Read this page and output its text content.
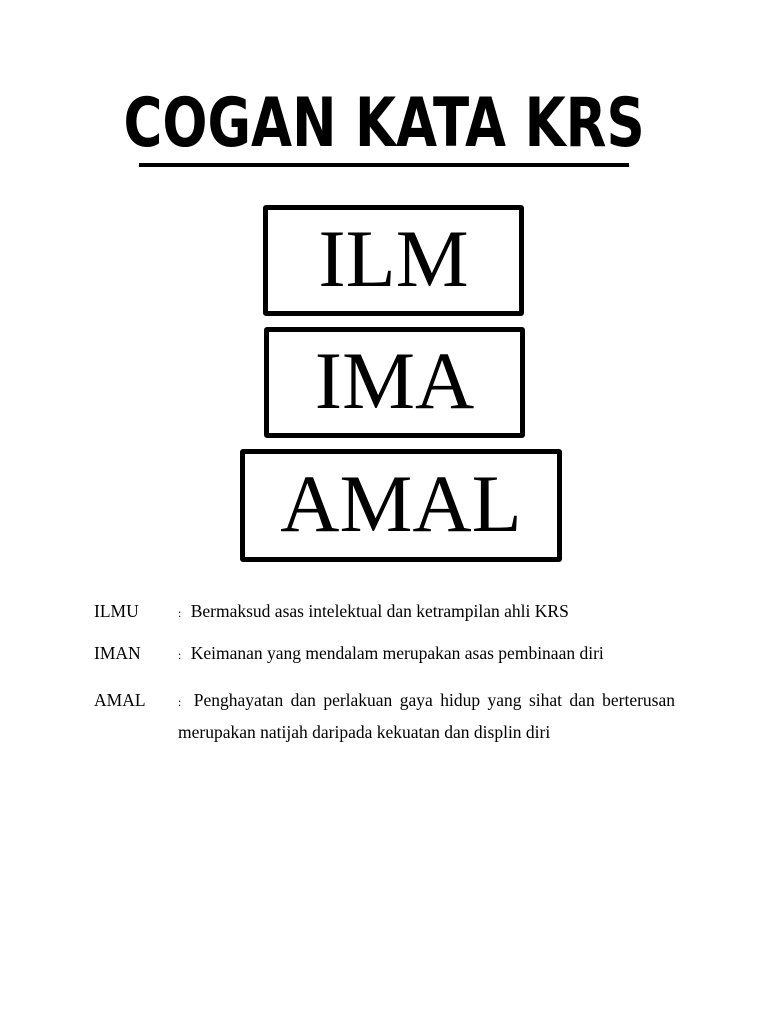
COGAN KATA KRS
ILM
IMA
AMAL
ILMU	: Bermaksud asas intelektual dan ketrampilan ahli KRS
IMAN	: Keimanan yang mendalam merupakan asas pembinaan diri
AMAL	: Penghayatan dan perlakuan gaya hidup yang sihat dan berterusan merupakan natijah daripada kekuatan dan displin diri
